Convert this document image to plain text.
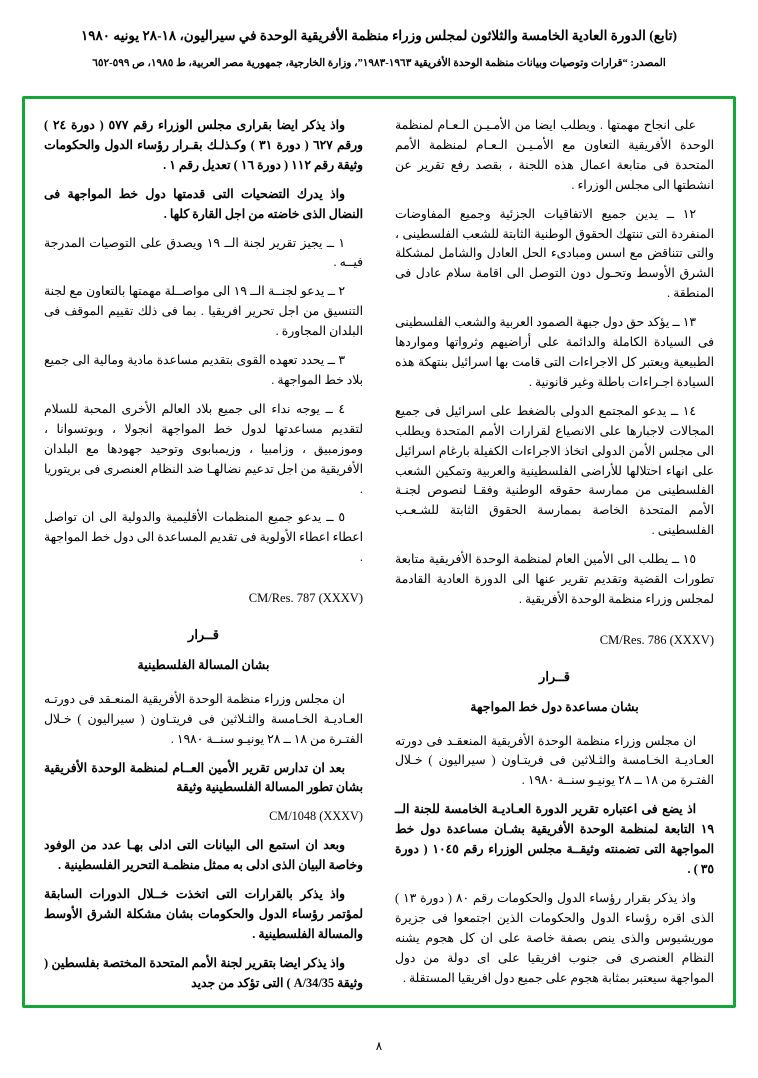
(تابع) الدورة العادية الخامسة والثلاثون لمجلس وزراء منظمة الأفريقية الوحدة في سيراليون، ١٨-٢٨ يونيه ١٩٨٠
المصدر: “قرارات وتوصيات وبيانات منظمة الوحدة الأفريقية ١٩٦٣-١٩٨٣”، وزارة الخارجية، جمهورية مصر العربية، ط ١٩٨٥، ص ٥٩٩-٦٥٢

على انجاح مهمتها . ويطلب ايضا من الأمـيـن الـعـام لمنظمة الوحدة الأفريقية التعاون مع الأمـيـن الـعـام لمنظمة الأمم المتحدة فى متابعة اعمال هذه اللجنة ، بقصد رفع تقرير عن انشطتها الى مجلس الوزراء .

١٢ ــ يدين جميع الاتفاقيات الجزئية وجميع المفاوضات المنفردة التى تنتهك الحقوق الوطنية الثابتة للشعب الفلسطينى ، والتى تتناقض مع اسس ومبادىء الحل العادل والشامل لمشكلة الشرق الأوسط وتحـول دون التوصل الى اقامة سلام عادل فى المنطقة .

١٣ ــ يؤكد حق دول جبهة الصمود العربية والشعب الفلسطينى فى السيادة الكاملة والدائمة على أراضيهم وثرواتها ومواردها الطبيعية ويعتبر كل الاجراءات التى قامت بها اسرائيل بنتهكة هذه السيادة اجـراءات باطلة وغير قانونية .

١٤ ــ يدعو المجتمع الدولى بالضغط على اسرائيل فى جميع المجالات لاجبارها على الانصياع لقرارات الأمم المتحدة ويطلب الى مجلس الأمن الدولى اتخاذ الاجراءات الكفيلة بارغام اسرائيل على انهاء احتلالها للأراضى الفلسطينية والعربية وتمكين الشعب الفلسطينى من ممارسة حقوقه الوطنية وفقـا لنصوص لجنـة الأمم المتحدة الخاصة بممارسة الحقوق الثابتة للشـعـب الفلسطينى .

١٥ ــ يطلب الى الأمين العام لمنظمة الوحدة الأفريقية متابعة تطورات القضية وتقديم تقرير عنها الى الدورة العادية القادمة لمجلس وزراء منظمة الوحدة الأفريقية .

CM/Res. 786 (XXXV)
قــرار
بشان مساعدة دول خط المواجهة

ان مجلس وزراء منظمة الوحدة الأفريقية المنعقـد فى دورته العـاديـة الخـامسة والثـلاثين فى فريتـاون ( سيراليون ) خـلال الفتـرة من ١٨ ــ ٢٨ يونيـو سنــة ١٩٨٠ .

اذ يضع فى اعتباره تقرير الدورة العـاديـة الخامسة للجنة الــ ١٩ التابعة لمنظمة الوحدة الأفريقية بشـان مساعدة دول خط المواجهة التى تضمنته وثيقــة مجلس الوزراء رقم ١٠٤٥ ( دورة ٣٥ ) .

واذ يذكر بقرار رؤساء الدول والحكومات رقم ٨٠ ( دورة ١٣ ) الذى اقره رؤساء الدول والحكومات الذين اجتمعوا فى جزيرة موريشيوس والذى ينص بصفة خاصة على ان كل هجوم يشنه النظام العنصرى فى جنوب افريقيا على اى دولة من دول المواجهة سيعتبر بمثابة هجوم على جميع دول افريقيا المستقلة .

واذ يذكر ايضا بقرارى مجلس الوزراء رقم ٥٧٧ ( دورة ٢٤ ) ورقم ٦٢٧ ( دورة ٣١ ) وكـذلـك بقـرار رؤساء الدول والحكومات وثيقة رقم ١١٢ ( دورة ١٦ ) تعديل رقم ١ .

واذ يدرك التضحيات التى قدمتها دول خط المواجهة فى النضال الذى خاضته من اجل القارة كلها .

١ ــ يجيز تقرير لجنة الــ ١٩ ويصدق على التوصيات المدرجة فيــه .

٢ ــ يدعو لجنــة الــ ١٩ الى مواصــلة مهمتها بالتعاون مع لجنة التنسيق من اجل تحرير افريقيا . بما فى ذلك تقييم الموقف فى البلدان المجاورة .

٣ ــ يحدد تعهده القوى بتقديم مساعدة مادية ومالية الى جميع بلاد خط المواجهة .

٤ ــ يوجه نداء الى جميع بلاد العالم الأخرى المحبة للسلام لتقديم مساعدتها لدول خط المواجهة انجولا ، وبوتسوانا ، وموزمبيق ، وزامبيا ، وزيمبابوى وتوحيد جهودها مع البلدان الأفريقية من اجل تدعيم نضالهـا ضد النظام العنصرى فى بريتوريا .

٥ ــ يدعو جميع المنظمات الأقليمية والدولية الى ان تواصل اعطاء اعطاء الأولوية فى تقديم المساعدة الى دول خط المواجهة .

CM/Res. 787 (XXXV)
قــرار
بشان المسالة الفلسطينية

ان مجلس وزراء منظمة الوحدة الأفريقية المنعـقد فى دورتـه العـاديـة الخـامسة والثـلاثين فى فريتـاون ( سيراليون ) خـلال الفتـرة من ١٨ ــ ٢٨ يونيـو سنــة ١٩٨٠ .

بعد ان تدارس تقرير الأمين العــام لمنظمة الوحدة الأفريقية بشان تطور المسالة الفلسطينية وثيقة

CM/1048 (XXXV)

وبعد ان استمع الى البيانات التى ادلى بهـا عدد من الوفود وخاصة البيان الذى ادلى به ممثل منظمـة التحرير الفلسطينية .

واذ يذكر بالقرارات التى اتخذت خــلال الدورات السابقة لمؤتمر رؤساء الدول والحكومات بشان مشكلة الشرق الأوسط والمسالة الفلسطينية .

واذ يذكر ايضا بتقرير لجنة الأمم المتحدة المختصة بفلسطين ( وثيقة A/34/35 ) التى تؤكد من جديد

٨
